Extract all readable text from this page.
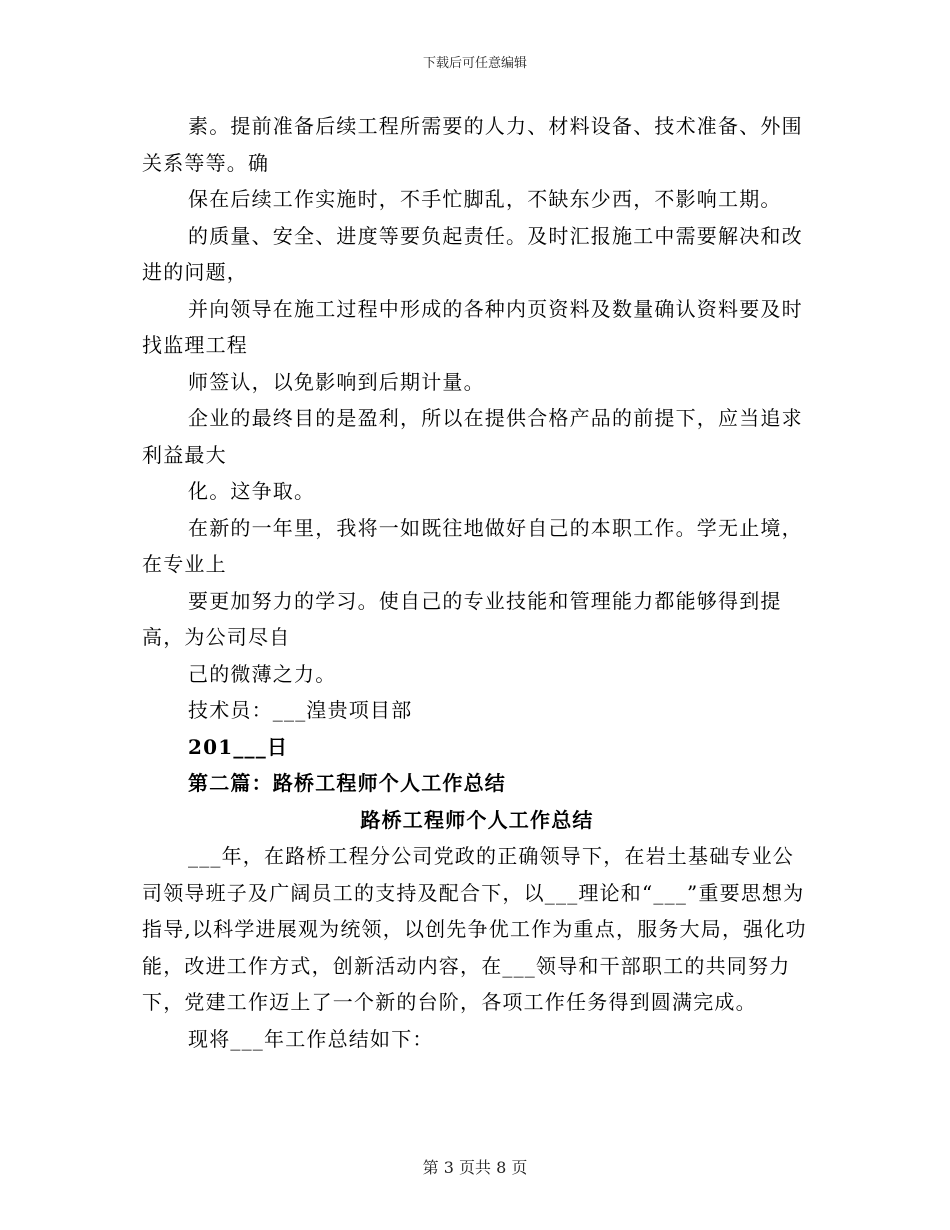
下载后可任意编辑

素。提前准备后续工程所需要的人力、材料设备、技术准备、外围关系等等。确

保在后续工作实施时，不手忙脚乱，不缺东少西，不影响工期。

的质量、安全、进度等要负起责任。及时汇报施工中需要解决和改进的问题，

并向领导在施工过程中形成的各种内页资料及数量确认资料要及时找监理工程

师签认，以免影响到后期计量。

企业的最终目的是盈利，所以在提供合格产品的前提下，应当追求利益最大

化。这争取。

在新的一年里，我将一如既往地做好自己的本职工作。学无止境，在专业上

要更加努力的学习。使自己的专业技能和管理能力都能够得到提高，为公司尽自

己的微薄之力。

技术员：___湟贵项目部

201___日

第二篇：路桥工程师个人工作总结

路桥工程师个人工作总结

___年，在路桥工程分公司党政的正确领导下，在岩土基础专业公司领导班子及广阔员工的支持及配合下，以___理论和“___”重要思想为指导,以科学进展观为统领，以创先争优工作为重点，服务大局，强化功能，改进工作方式，创新活动内容，在___领导和干部职工的共同努力下，党建工作迈上了一个新的台阶，各项工作任务得到圆满完成。

现将___年工作总结如下：

第 3 页共 8 页
